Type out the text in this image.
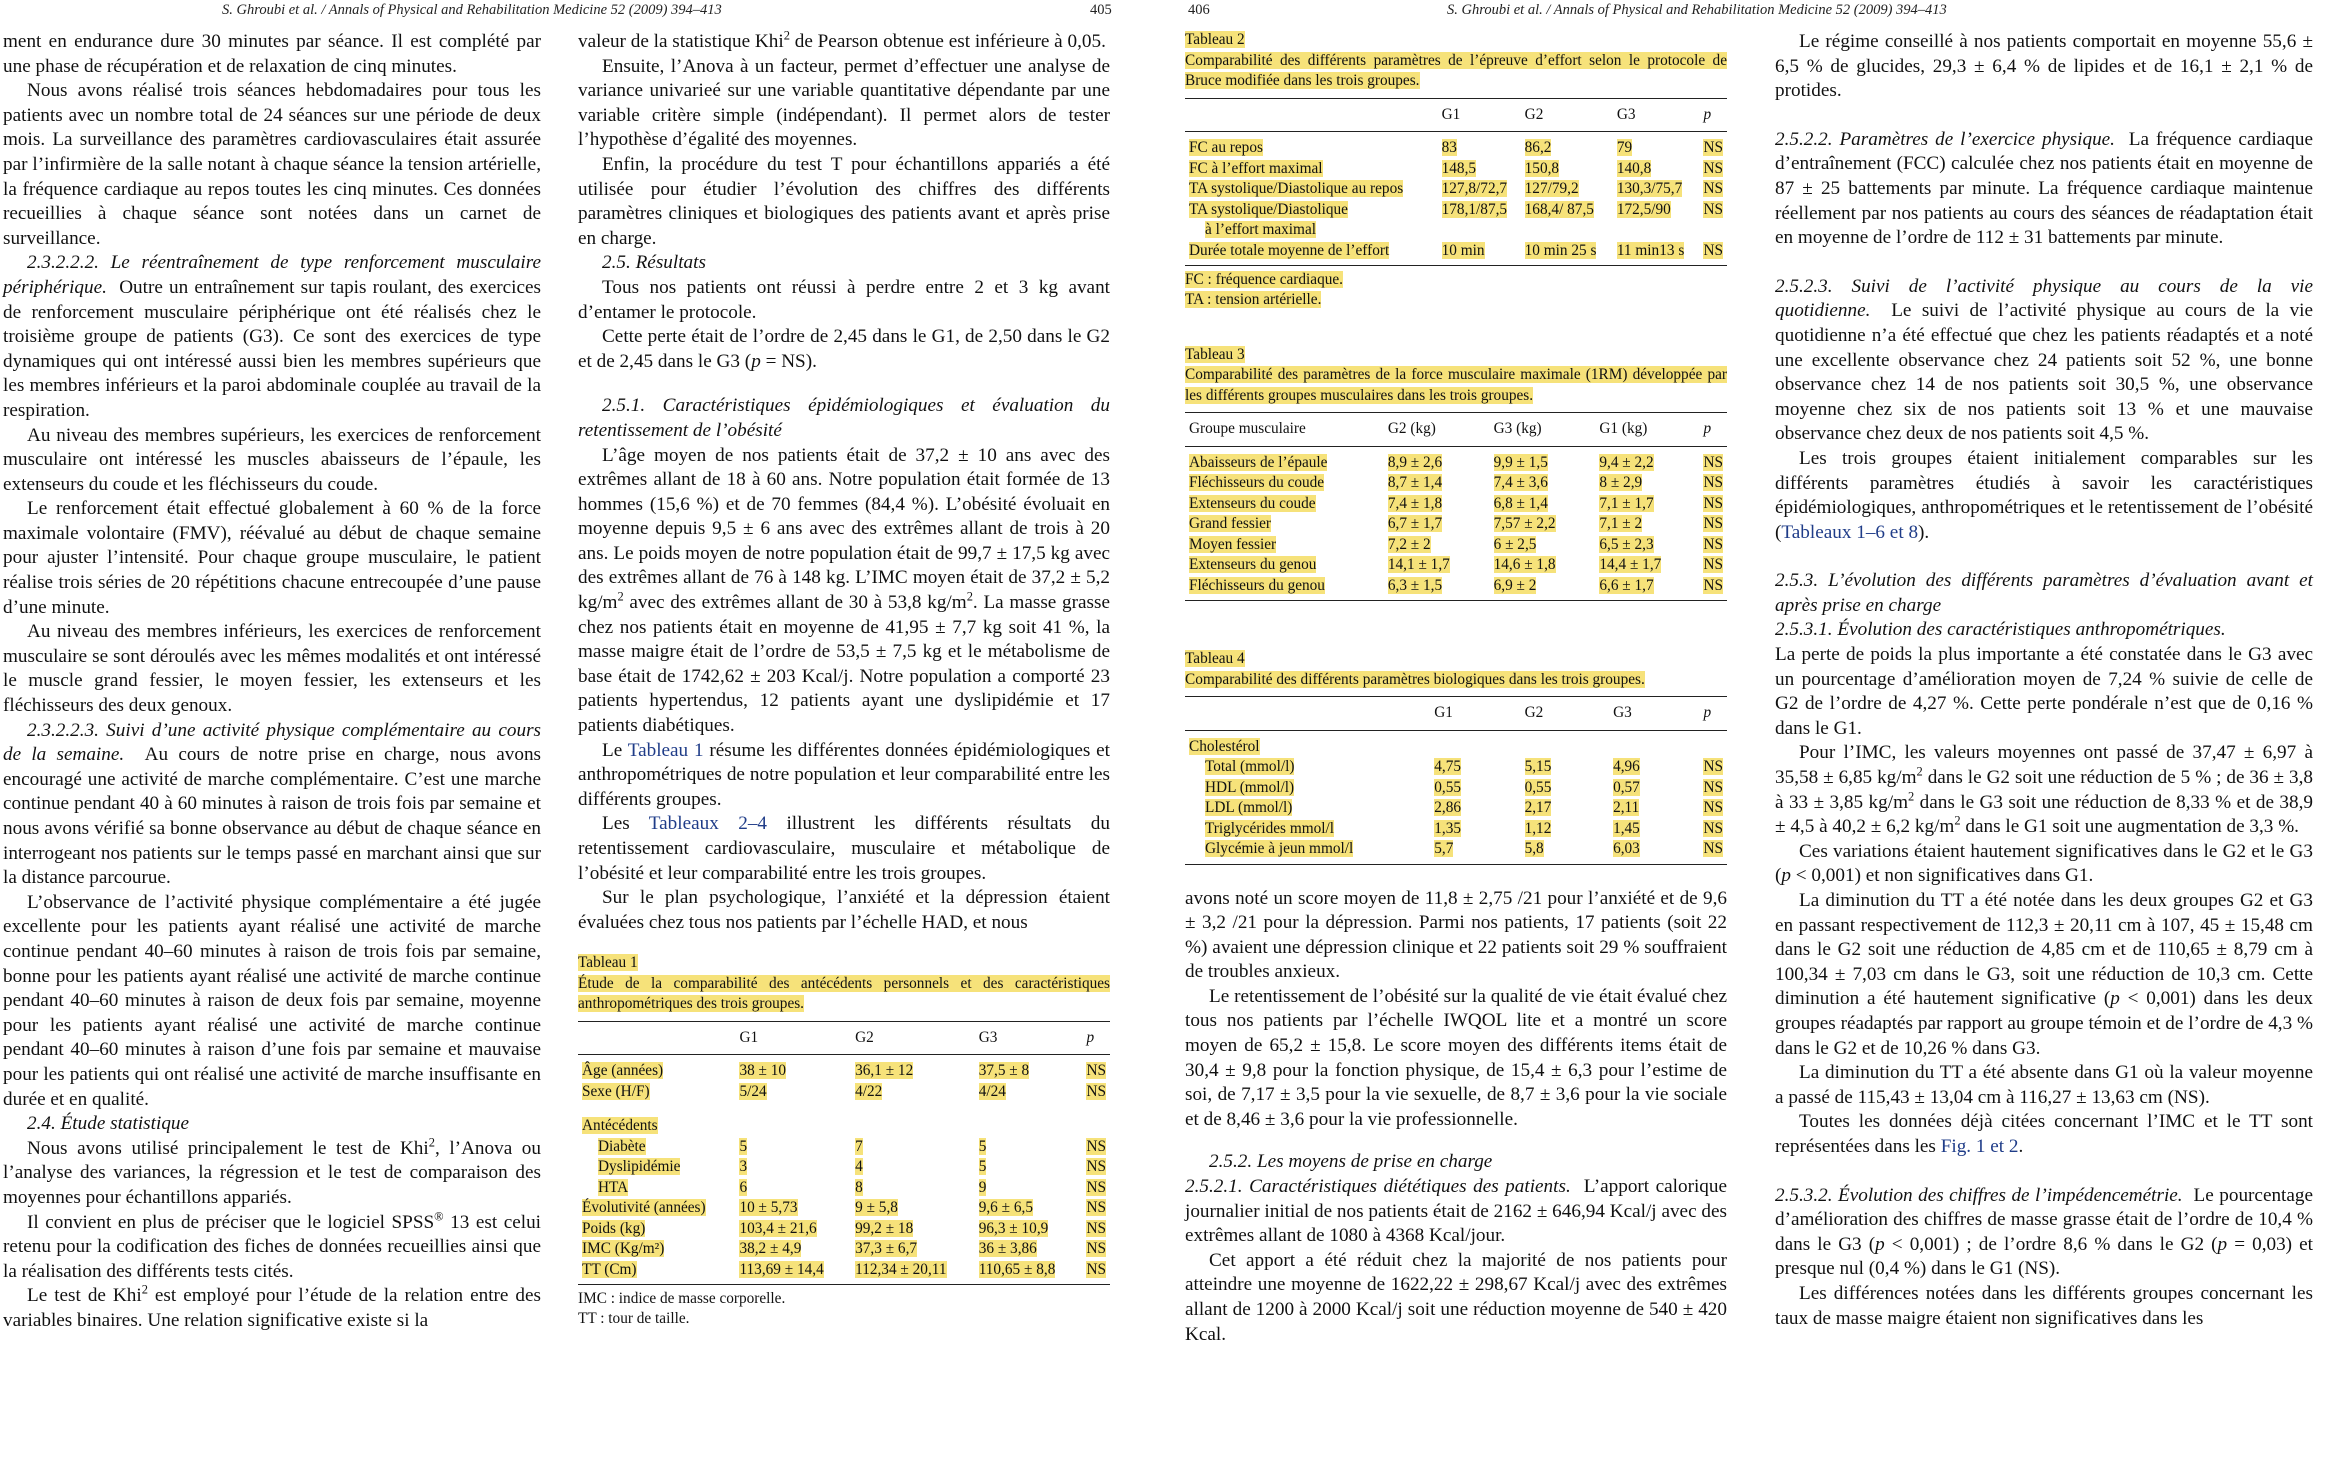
S. Ghroubi et al. / Annals of Physical and Rehabilitation Medicine 52 (2009) 394–413	405

ment en endurance dure 30 minutes par séance. Il est complété par une phase de récupération et de relaxation de cinq minutes.

Nous avons réalisé trois séances hebdomadaires pour tous les patients avec un nombre total de 24 séances sur une période de deux mois. La surveillance des paramètres cardiovasculaires était assurée par l’infirmière de la salle notant à chaque séance la tension artérielle, la fréquence cardiaque au repos toutes les cinq minutes. Ces données recueillies à chaque séance sont notées dans un carnet de surveillance.

2.3.2.2.2. Le réentraînement de type renforcement musculaire périphérique. Outre un entraînement sur tapis roulant, des exercices de renforcement musculaire périphérique ont été réalisés chez le troisième groupe de patients (G3). Ce sont des exercices de type dynamiques qui ont intéressé aussi bien les membres supérieurs que les membres inférieurs et la paroi abdominale couplée au travail de la respiration.

Au niveau des membres supérieurs, les exercices de renforcement musculaire ont intéressé les muscles abaisseurs de l’épaule, les extenseurs du coude et les fléchisseurs du coude.

Le renforcement était effectué globalement à 60 % de la force maximale volontaire (FMV), réévalué au début de chaque semaine pour ajuster l’intensité. Pour chaque groupe musculaire, le patient réalise trois séries de 20 répétitions chacune entrecoupée d’une pause d’une minute.

Au niveau des membres inférieurs, les exercices de renforcement musculaire se sont déroulés avec les mêmes modalités et ont intéressé le muscle grand fessier, le moyen fessier, les extenseurs et les fléchisseurs des deux genoux.

2.3.2.2.3. Suivi d’une activité physique complémentaire au cours de la semaine. Au cours de notre prise en charge, nous avons encouragé une activité de marche complémentaire. C’est une marche continue pendant 40 à 60 minutes à raison de trois fois par semaine et nous avons vérifié sa bonne observance au début de chaque séance en interrogeant nos patients sur le temps passé en marchant ainsi que sur la distance parcourue.

L’observance de l’activité physique complémentaire a été jugée excellente pour les patients ayant réalisé une activité de marche continue pendant 40–60 minutes à raison de trois fois par semaine, bonne pour les patients ayant réalisé une activité de marche continue pendant 40–60 minutes à raison de deux fois par semaine, moyenne pour les patients ayant réalisé une activité de marche continue pendant 40–60 minutes à raison d’une fois par semaine et mauvaise pour les patients qui ont réalisé une activité de marche insuffisante en durée et en qualité.

2.4. Étude statistique

Nous avons utilisé principalement le test de Khi$^2$, l’Anova ou l’analyse des variances, la régression et le test de comparaison des moyennes pour échantillons appariés.

Il convient en plus de préciser que le logiciel SPSS® 13 est celui retenu pour la codification des fiches de données recueillies ainsi que la réalisation des différents tests cités.

Le test de Khi$^2$ est employé pour l’étude de la relation entre des variables binaires. Une relation significative existe si la

valeur de la statistique Khi$^2$ de Pearson obtenue est inférieure à 0,05.

Ensuite, l’Anova à un facteur, permet d’effectuer une analyse de variance univarieé sur une variable quantitative dépendante par une variable critère simple (indépendant). Il permet alors de tester l’hypothèse d’égalité des moyennes.

Enfin, la procédure du test T pour échantillons appariés a été utilisée pour étudier l’évolution des chiffres des différents paramètres cliniques et biologiques des patients avant et après prise en charge.

2.5. Résultats

Tous nos patients ont réussi à perdre entre 2 et 3 kg avant d’entamer le protocole.

Cette perte était de l’ordre de 2,45 dans le G1, de 2,50 dans le G2 et de 2,45 dans le G3 (p = NS).

2.5.1. Caractéristiques épidémiologiques et évaluation du retentissement de l’obésité

L’âge moyen de nos patients était de 37,2 ± 10 ans avec des extrêmes allant de 18 à 60 ans. Notre population était formée de 13 hommes (15,6 %) et de 70 femmes (84,4 %). L’obésité évoluait en moyenne depuis 9,5 ± 6 ans avec des extrêmes allant de trois à 20 ans. Le poids moyen de notre population était de 99,7 ± 17,5 kg avec des extrêmes allant de 76 à 148 kg. L’IMC moyen était de 37,2 ± 5,2 $kg/m^2$ avec des extrêmes allant de 30 à 53,8 $kg/m^2$. La masse grasse chez nos patients était en moyenne de 41,95 ± 7,7 kg soit 41 %, la masse maigre était de l’ordre de 53,5 ± 7,5 kg et le métabolisme de base était de 1742,62 ± 203 Kcal/j. Notre population a comporté 23 patients hypertendus, 12 patients ayant une dyslipidémie et 17 patients diabétiques.

Le Tableau 1 résume les différentes données épidémiologiques et anthropométriques de notre population et leur comparabilité entre les différents groupes.

Les Tableaux 2–4 illustrent les différents résultats du retentissement cardiovasculaire, musculaire et métabolique de l’obésité et leur comparabilité entre les trois groupes.

Sur le plan psychologique, l’anxiété et la dépression étaient évaluées chez tous nos patients par l’échelle HAD, et nous

Tableau 1
Étude de la comparabilité des antécédents personnels et des caractéristiques anthropométriques des trois groupes.
	G1	G2	G3	p
Âge (années)	38 ± 10	36,1 ± 12	37,5 ± 8	NS
Sexe (H/F)	5/24	4/22	4/24	NS
Antécédents				
Diabète	5	7	5	NS
Dyslipidémie	3	4	5	NS
HTA	6	8	9	NS
Évolutivité (années)	10 ± 5,73	9 ± 5,8	9,6 ± 6,5	NS
Poids (kg)	103,4 ± 21,6	99,2 ± 18	96,3 ± 10,9	NS
IMC (Kg/m²)	38,2 ± 4,9	37,3 ± 6,7	36 ± 3,86	NS
TT (Cm)	113,69 ± 14,4	112,34 ± 20,11	110,65 ± 8,8	NS
IMC : indice de masse corporelle.
TT : tour de taille.
406	S. Ghroubi et al. / Annals of Physical and Rehabilitation Medicine 52 (2009) 394–413
Tableau 2
Comparabilité des différents paramètres de l’épreuve d’effort selon le protocole de Bruce modifiée dans les trois groupes.
	G1	G2	G3	p
FC au repos	83	86,2	79	NS
FC à l’effort maximal	148,5	150,8	140,8	NS
TA systolique/Diastolique au repos	127,8/72,7	127/79,2	130,3/75,7	NS
TA systolique/Diastolique	178,1/87,5	168,4/ 87,5	172,5/90	NS
à l’effort maximal				
Durée totale moyenne de l’effort	10 min	10 min 25 s	11 min13 s	NS
FC : fréquence cardiaque.
TA : tension artérielle.
Tableau 3
Comparabilité des paramètres de la force musculaire maximale (1RM) développée par les différents groupes musculaires dans les trois groupes.
Groupe musculaire	G2 (kg)	G3 (kg)	G1 (kg)	p
Abaisseurs de l’épaule	8,9 ± 2,6	9,9 ± 1,5	9,4 ± 2,2	NS
Fléchisseurs du coude	8,7 ± 1,4	7,4 ± 3,6	8 ± 2,9	NS
Extenseurs du coude	7,4 ± 1,8	6,8 ± 1,4	7,1 ± 1,7	NS
Grand fessier	6,7 ± 1,7	7,57 ± 2,2	7,1 ± 2	NS
Moyen fessier	7,2 ± 2	6 ± 2,5	6,5 ± 2,3	NS
Extenseurs du genou	14,1 ± 1,7	14,6 ± 1,8	14,4 ± 1,7	NS
Fléchisseurs du genou	6,3 ± 1,5	6,9 ± 2	6,6 ± 1,7	NS
Tableau 4
Comparabilité des différents paramètres biologiques dans les trois groupes.
	G1	G2	G3	p
Cholestérol				
Total (mmol/l)	4,75	5,15	4,96	NS
HDL (mmol/l)	0,55	0,55	0,57	NS
LDL (mmol/l)	2,86	2,17	2,11	NS
Triglycérides mmol/l	1,35	1,12	1,45	NS
Glycémie à jeun mmol/l	5,7	5,8	6,03	NS

avons noté un score moyen de 11,8 ± 2,75 /21 pour l’anxiété et de 9,6 ± 3,2 /21 pour la dépression. Parmi nos patients, 17 patients (soit 22 %) avaient une dépression clinique et 22 patients soit 29 % souffraient de troubles anxieux.

Le retentissement de l’obésité sur la qualité de vie était évalué chez tous nos patients par l’échelle IWQOL lite et a montré un score moyen de 65,2 ± 15,8. Le score moyen des différents items était de 30,4 ± 9,8 pour la fonction physique, de 15,4 ± 6,3 pour l’estime de soi, de 7,17 ± 3,5 pour la vie sexuelle, de 8,7 ± 3,6 pour la vie sociale et de 8,46 ± 3,6 pour la vie professionnelle.

2.5.2. Les moyens de prise en charge

2.5.2.1. Caractéristiques diététiques des patients. L’apport calorique journalier initial de nos patients était de 2162 ± 646,94 Kcal/j avec des extrêmes allant de 1080 à 4368 Kcal/jour.

Cet apport a été réduit chez la majorité de nos patients pour atteindre une moyenne de 1622,22 ± 298,67 Kcal/j avec des extrêmes allant de 1200 à 2000 Kcal/j soit une réduction moyenne de 540 ± 420 Kcal.

Le régime conseillé à nos patients comportait en moyenne 55,6 ± 6,5 % de glucides, 29,3 ± 6,4 % de lipides et de 16,1 ± 2,1 % de protides.

2.5.2.2. Paramètres de l’exercice physique. La fréquence cardiaque d’entraînement (FCC) calculée chez nos patients était en moyenne de 87 ± 25 battements par minute. La fréquence cardiaque maintenue réellement par nos patients au cours des séances de réadaptation était en moyenne de l’ordre de 112 ± 31 battements par minute.

2.5.2.3. Suivi de l’activité physique au cours de la vie quotidienne. Le suivi de l’activité physique au cours de la vie quotidienne n’a été effectué que chez les patients réadaptés et a noté une excellente observance chez 24 patients soit 52 %, une bonne observance chez 14 de nos patients soit 30,5 %, une observance moyenne chez six de nos patients soit 13 % et une mauvaise observance chez deux de nos patients soit 4,5 %.

Les trois groupes étaient initialement comparables sur les différents paramètres étudiés à savoir les caractéristiques épidémiologiques, anthropométriques et le retentissement de l’obésité (Tableaux 1–6 et 8).

2.5.3. L’évolution des différents paramètres d’évaluation avant et après prise en charge

2.5.3.1. Évolution des caractéristiques anthropométriques.

La perte de poids la plus importante a été constatée dans le G3 avec un pourcentage d’amélioration moyen de 7,24 % suivie de celle de G2 de l’ordre de 4,27 %. Cette perte pondérale n’est que de 0,16 % dans le G1.

Pour l’IMC, les valeurs moyennes ont passé de 37,47 ± 6,97 à 35,58 ± 6,85 $kg/m^2$ dans le G2 soit une réduction de 5 % ; de 36 ± 3,8 à 33 ± 3,85 $kg/m^2$ dans le G3 soit une réduction de 8,33 % et de 38,9 ± 4,5 à 40,2 ± 6,2 $kg/m^2$ dans le G1 soit une augmentation de 3,3 %.

Ces variations étaient hautement significatives dans le G2 et le G3 (p < 0,001) et non significatives dans G1.

La diminution du TT a été notée dans les deux groupes G2 et G3 en passant respectivement de 112,3 ± 20,11 cm à 107, 45 ± 15,48 cm dans le G2 soit une réduction de 4,85 cm et de 110,65 ± 8,79 cm à 100,34 ± 7,03 cm dans le G3, soit une réduction de 10,3 cm. Cette diminution a été hautement significative (p < 0,001) dans les deux groupes réadaptés par rapport au groupe témoin et de l’ordre de 4,3 % dans le G2 et de 10,26 % dans G3.

La diminution du TT a été absente dans G1 où la valeur moyenne a passé de 115,43 ± 13,04 cm à 116,27 ± 13,63 cm (NS).

Toutes les données déjà citées concernant l’IMC et le TT sont représentées dans les Fig. 1 et 2.

2.5.3.2. Évolution des chiffres de l’impédencemétrie. Le pourcentage d’amélioration des chiffres de masse grasse était de l’ordre de 10,4 % dans le G3 (p < 0,001) ; de l’ordre 8,6 % dans le G2 (p = 0,03) et presque nul (0,4 %) dans le G1 (NS).

Les différences notées dans les différents groupes concernant les taux de masse maigre étaient non significatives dans les
